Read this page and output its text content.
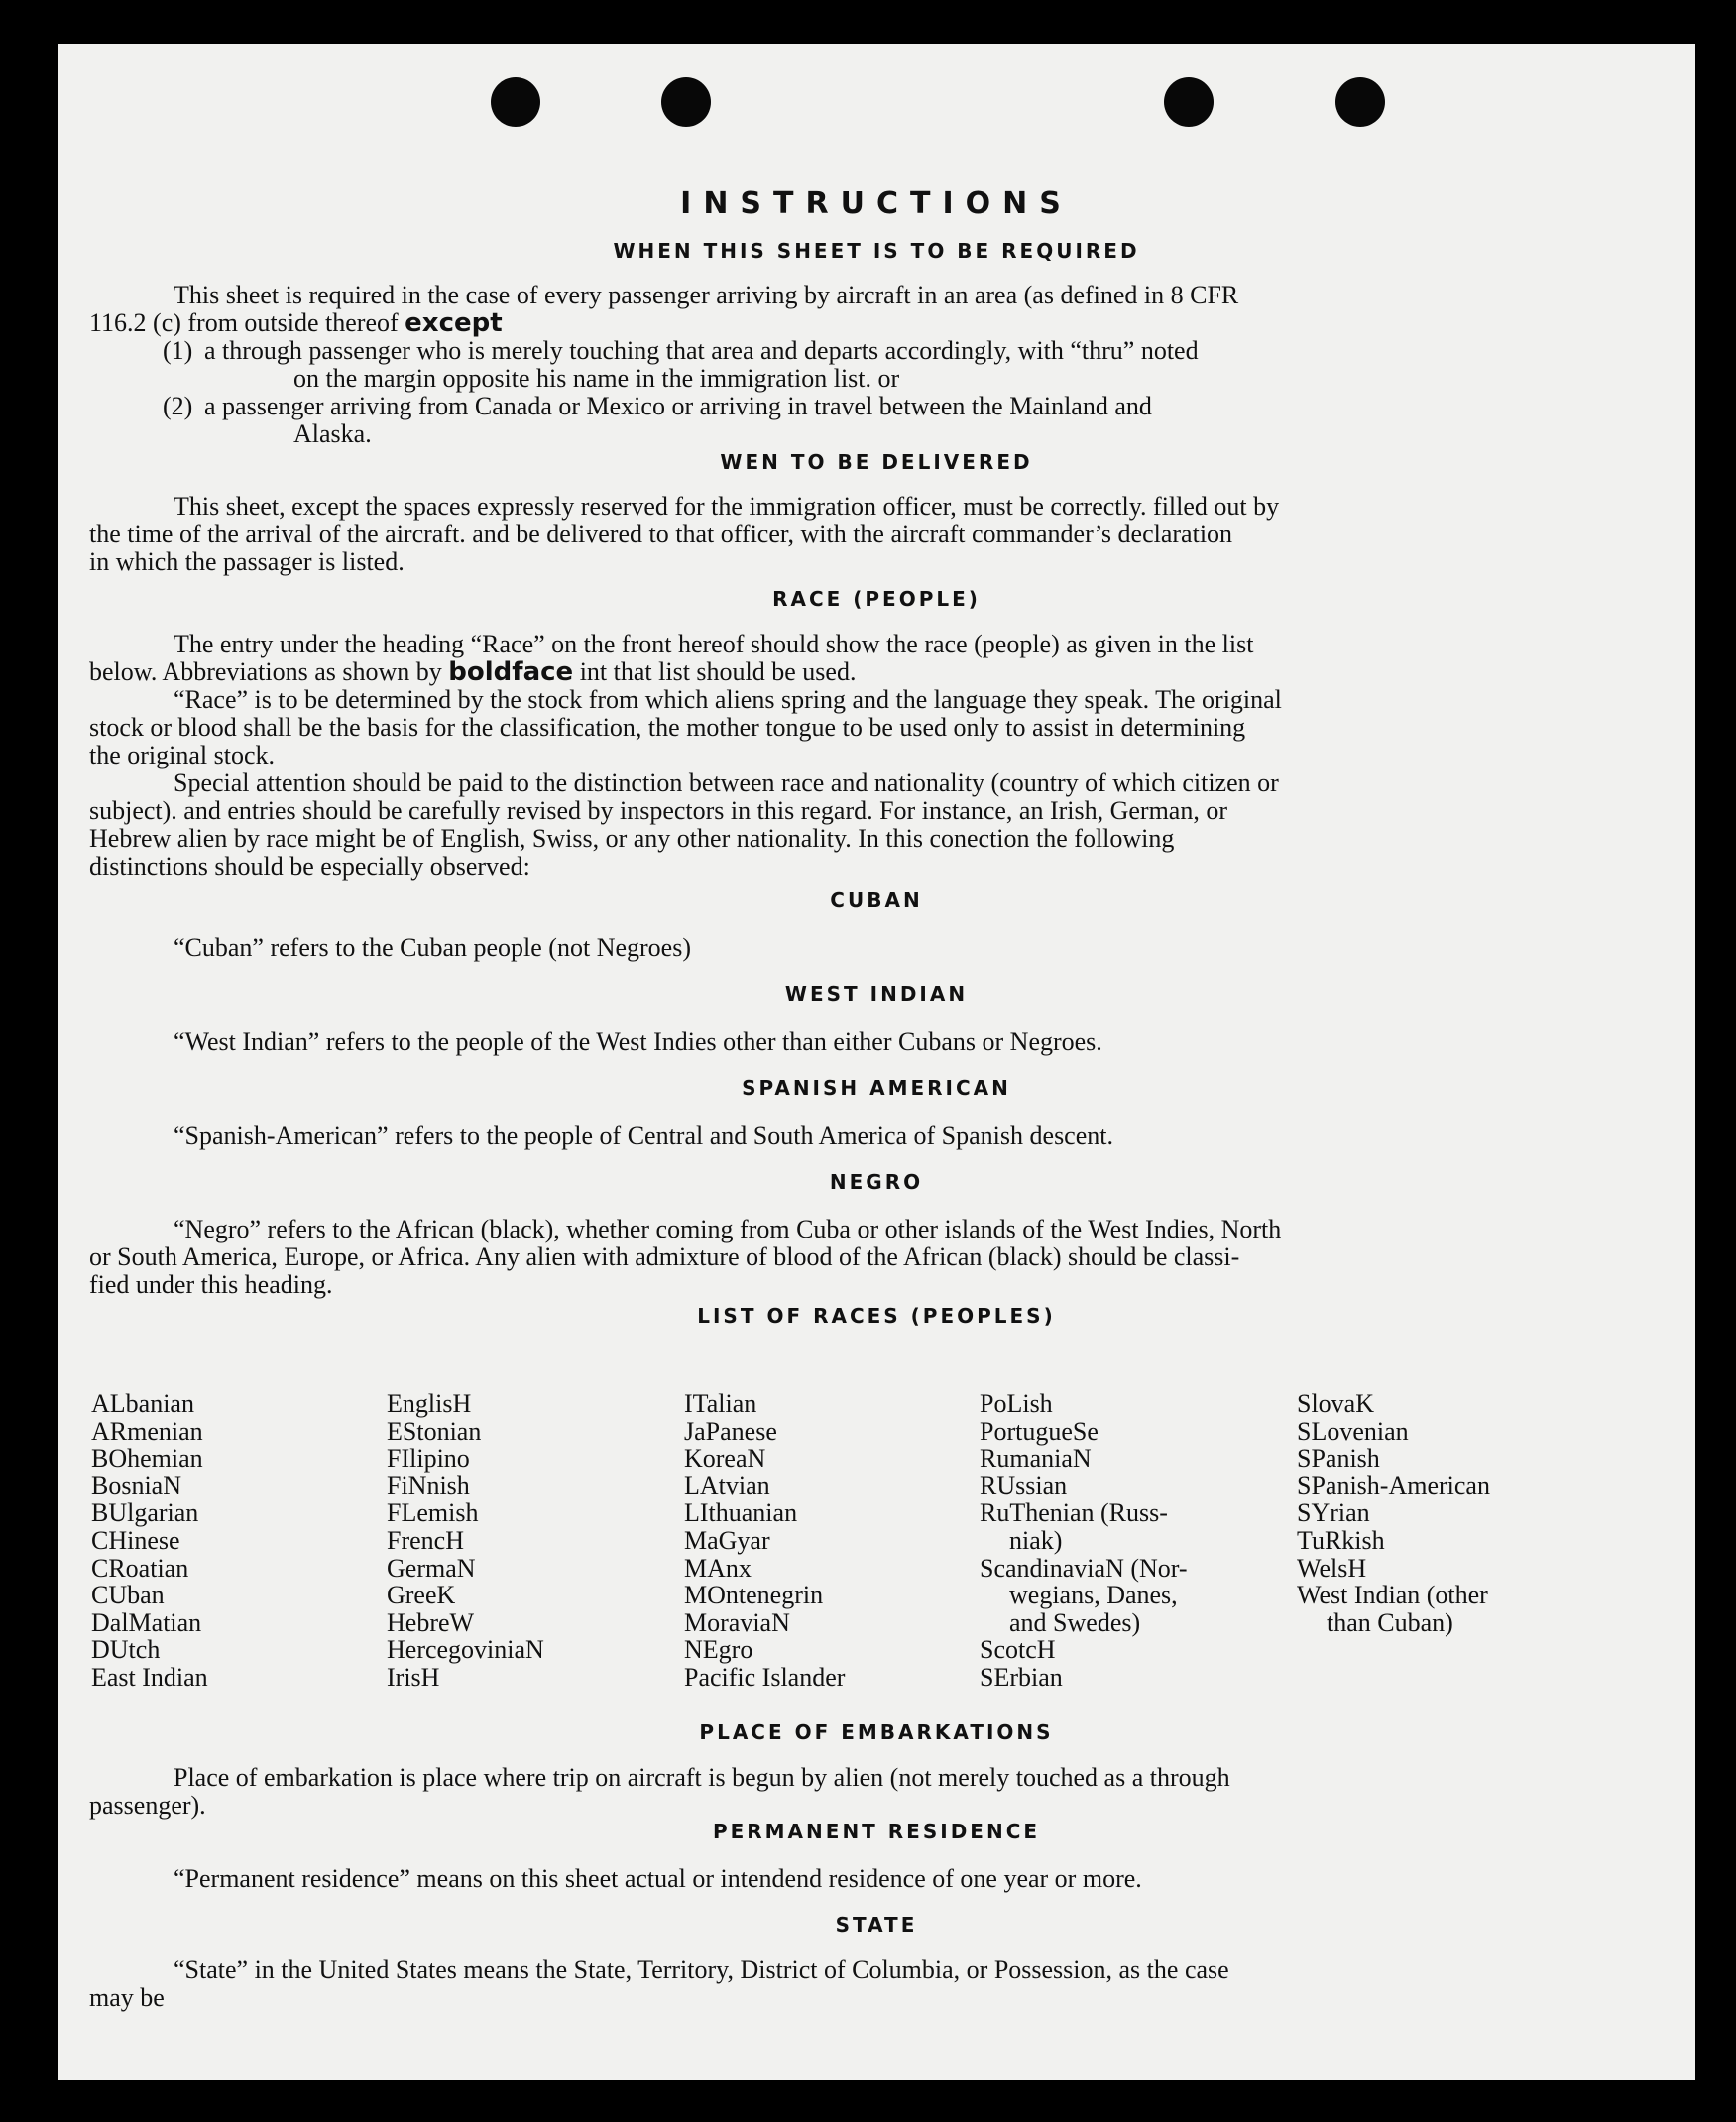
INSTRUCTIONS
WHEN THIS SHEET IS TO BE REQUIRED
This sheet is required in the case of every passenger arriving by aircraft in an area (as defined in 8 CFR
116.2 (c) from outside thereof except
(1) a through passenger who is merely touching that area and departs accordingly, with “thru” noted
on the margin opposite his name in the immigration list. or
(2) a passenger arriving from Canada or Mexico or arriving in travel between the Mainland and
Alaska.
WEN TO BE DELIVERED
This sheet, except the spaces expressly reserved for the immigration officer, must be correctly. filled out by
the time of the arrival of the aircraft. and be delivered to that officer, with the aircraft commander’s declaration
in which the passager is listed.
RACE (PEOPLE)
The entry under the heading “Race” on the front hereof should show the race (people) as given in the list
below. Abbreviations as shown by boldface int that list should be used.
“Race” is to be determined by the stock from which aliens spring and the language they speak. The original
stock or blood shall be the basis for the classification, the mother tongue to be used only to assist in determining
the original stock.
Special attention should be paid to the distinction between race and nationality (country of which citizen or
subject). and entries should be carefully revised by inspectors in this regard. For instance, an Irish, German, or
Hebrew alien by race might be of English, Swiss, or any other nationality. In this conection the following
distinctions should be especially observed:
CUBAN
“Cuban” refers to the Cuban people (not Negroes)
WEST INDIAN
“West Indian” refers to the people of the West Indies other than either Cubans or Negroes.
SPANISH AMERICAN
“Spanish-American” refers to the people of Central and South America of Spanish descent.
NEGRO
“Negro” refers to the African (black), whether coming from Cuba or other islands of the West Indies, North
or South America, Europe, or Africa. Any alien with admixture of blood of the African (black) should be classi-
fied under this heading.
LIST OF RACES (PEOPLES)
ALbanian
ARmenian
BOhemian
BosniaN
BUlgarian
CHinese
CRoatian
CUban
DalMatian
DUtch
East Indian
EnglisH
EStonian
FIlipino
FiNnish
FLemish
FrencH
GermaN
GreeK
HebreW
HercegoviniaN
IrisH
ITalian
JaPanese
KoreaN
LAtvian
LIthuanian
MaGyar
MAnx
MOntenegrin
MoraviaN
NEgro
Pacific Islander
PoLish
PortugueSe
RumaniaN
RUssian
RuThenian (Russ-
niak)
ScandinaviaN (Nor-
wegians, Danes,
and Swedes)
ScotcH
SErbian
SlovaK
SLovenian
SPanish
SPanish-American
SYrian
TuRkish
WelsH
West Indian (other
than Cuban)
PLACE OF EMBARKATIONS
Place of embarkation is place where trip on aircraft is begun by alien (not merely touched as a through
passenger).
PERMANENT RESIDENCE
“Permanent residence” means on this sheet actual or intendend residence of one year or more.
STATE
“State” in the United States means the State, Territory, District of Columbia, or Possession, as the case
may be
